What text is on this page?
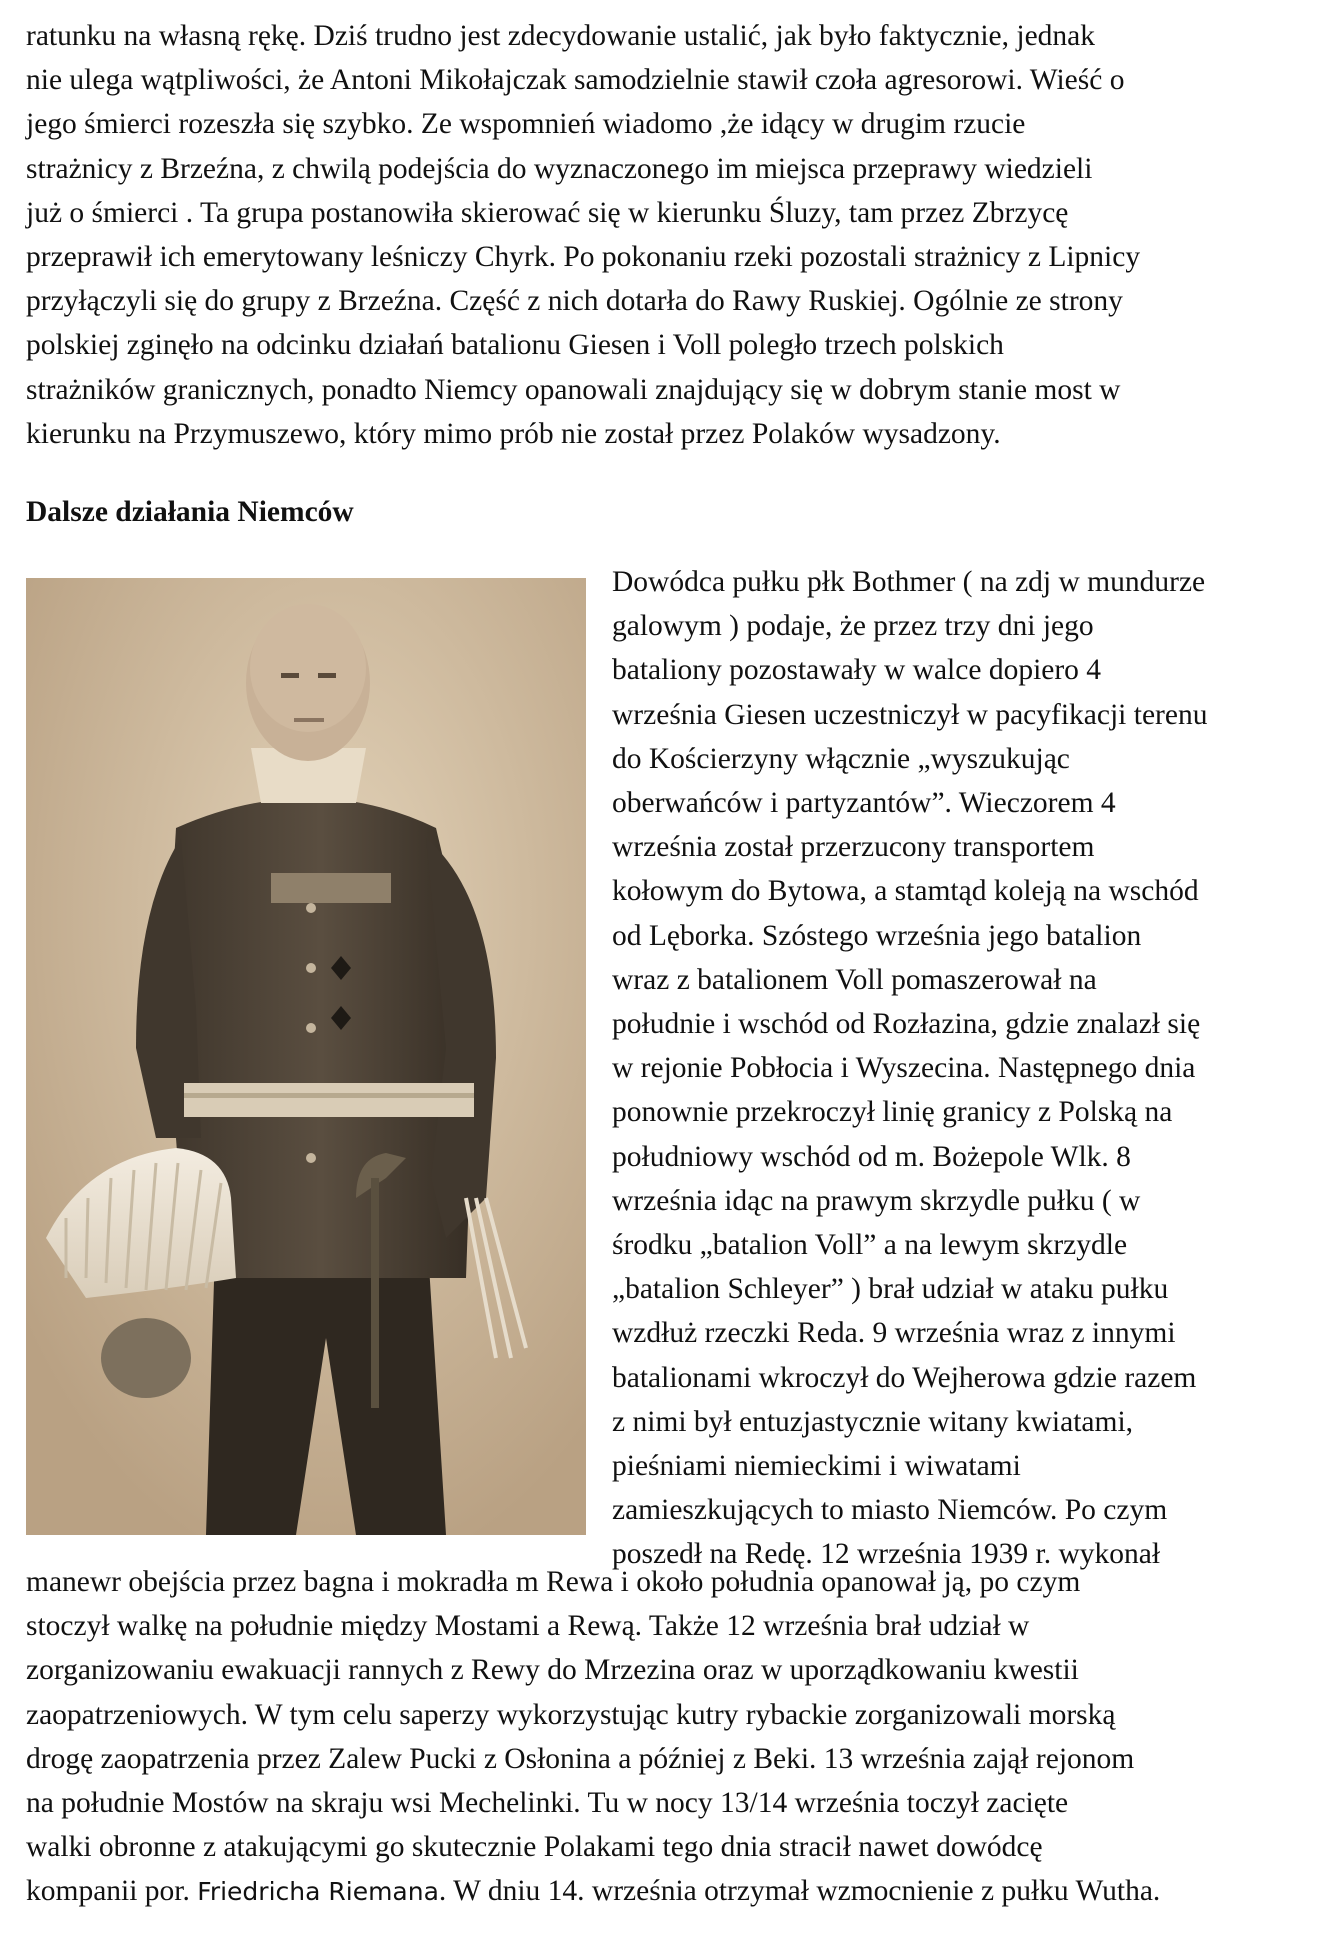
ratunku na własną rękę. Dziś trudno jest zdecydowanie ustalić, jak było faktycznie, jednak
nie ulega wątpliwości, że Antoni Mikołajczak samodzielnie stawił czoła agresorowi. Wieść o
jego śmierci rozeszła się szybko. Ze wspomnień wiadomo ,że idący w drugim rzucie
strażnicy z Brzeźna, z chwilą podejścia do wyznaczonego im miejsca przeprawy wiedzieli
już o śmierci . Ta grupa postanowiła skierować się w kierunku Śluzy, tam przez Zbrzycę
przeprawił ich emerytowany leśniczy Chyrk. Po pokonaniu rzeki pozostali strażnicy z Lipnicy
przyłączyli się do grupy z Brzeźna. Część z nich dotarła do Rawy Ruskiej. Ogólnie ze strony
polskiej zginęło na odcinku działań batalionu Giesen i Voll poległo trzech polskich
strażników granicznych, ponadto Niemcy opanowali znajdujący się w dobrym stanie most w
kierunku na Przymuszewo, który mimo prób nie został przez Polaków wysadzony.

Dalsze działania Niemców

Dowódca pułku płk Bothmer ( na zdj w mundurze
galowym ) podaje, że przez trzy dni jego
bataliony pozostawały w walce dopiero 4
września Giesen uczestniczył w pacyfikacji terenu
do Kościerzyny włącznie „wyszukując
oberwańców i partyzantów”. Wieczorem 4
września został przerzucony transportem
kołowym do Bytowa, a stamtąd koleją na wschód
od Lęborka. Szóstego września jego batalion
wraz z batalionem Voll pomaszerował na
południe i wschód od Rozłazina, gdzie znalazł się
w rejonie Pobłocia i Wyszecina. Następnego dnia
ponownie przekroczył linię granicy z Polską na
południowy wschód od m. Bożepole Wlk. 8
września idąc na prawym skrzydle pułku ( w
środku „batalion Voll” a na lewym skrzydle
„batalion Schleyer” ) brał udział w ataku pułku
wzdłuż rzeczki Reda. 9 września wraz z innymi
batalionami wkroczył do Wejherowa gdzie razem
z nimi był entuzjastycznie witany kwiatami,
pieśniami niemieckimi i wiwatami
zamieszkujących to miasto Niemców. Po czym
poszedł na Redę. 12 września 1939 r. wykonał

manewr obejścia przez bagna i mokradła m Rewa i około południa opanował ją, po czym
stoczył walkę na południe między Mostami a Rewą. Także 12 września brał udział w
zorganizowaniu ewakuacji rannych z Rewy do Mrzezina oraz w uporządkowaniu kwestii
zaopatrzeniowych. W tym celu saperzy wykorzystując kutry rybackie zorganizowali morską
drogę zaopatrzenia przez Zalew Pucki z Osłonina a później z Beki. 13 września zajął rejonom
na południe Mostów na skraju wsi Mechelinki. Tu w nocy 13/14 września toczył zacięte
walki obronne z atakującymi go skutecznie Polakami tego dnia stracił nawet dowódcę
kompanii por. Friedricha Riemana. W dniu 14. września otrzymał wzmocnienie z pułku Wutha.
